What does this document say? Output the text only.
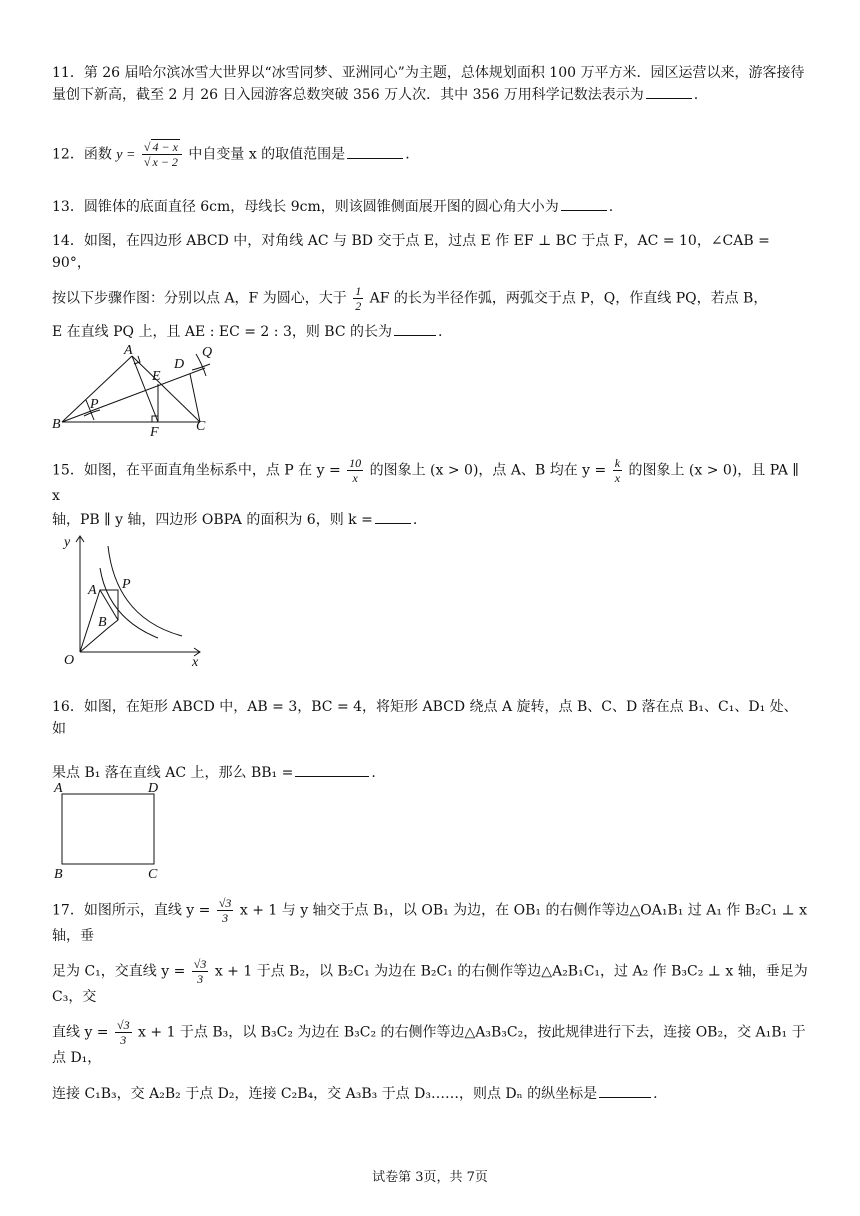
11．第 26 届哈尔滨冰雪大世界以“冰雪同梦、亚洲同心”为主题，总体规划面积 100 万平方米．园区运营以来，游客接待量创下新高，截至 2 月 26 日入园游客总数突破 356 万人次．其中 356 万用科学记数法表示为	.
12．函数 $y = \frac{√ 4 - x}{√ x - 2}$ 中自变量 x 的取值范围是	.
13．圆锥体的底面直径 6cm，母线长 9cm，则该圆锥侧面展开图的圆心角大小为	.
14．如图，在四边形 ABCD 中，对角线 AC 与 BD 交于点 E，过点 E 作 EF ⊥ BC 于点 F，AC = 10，∠CAB = 90°，
按以下步骤作图：分别以点 A，F 为圆心，大于 $\frac{1}{2}$ AF 的长为半径作弧，两弧交于点 P，Q，作直线 PQ，若点 B，
E 在直线 PQ 上，且 AE : EC = 2 : 3，则 BC 的长为	.
A
B	C
D
E
F
P
Q
15．如图，在平面直角坐标系中，点 P 在 $y = \frac{10}{x}$ 的图象上 (x > 0)，点 A、B 均在 $y = \frac{k}{x}$ 的图象上 (x > 0)，且 PA ∥ x
轴，PB ∥ y 轴，四边形 OBPA 的面积为 6，则 k =	.
y
x
O
A
B
P
16．如图，在矩形 ABCD 中，AB = 3，BC = 4，将矩形 ABCD 绕点 A 旋转，点 B、C、D 落在点 B₁、C₁、D₁ 处、如
果点 B₁ 落在直线 AC 上，那么 BB₁ =	.
A	D
B	C
17．如图所示，直线 $y = \frac{√3}{3}$ x + 1 与 y 轴交于点 B₁，以 OB₁ 为边，在 OB₁ 的右侧作等边△OA₁B₁ 过 A₁ 作 B₂C₁ ⊥ x 轴，垂
足为 C₁，交直线 $y = \frac{√3}{3}$ x + 1 于点 B₂，以 B₂C₁ 为边在 B₂C₁ 的右侧作等边△A₂B₁C₁，过 A₂ 作 B₃C₂ ⊥ x 轴，垂足为 C₃，交
直线 $y = \frac{√3}{3}$ x + 1 于点 B₃，以 B₃C₂ 为边在 B₃C₂ 的右侧作等边△A₃B₃C₂，按此规律进行下去，连接 OB₂，交 A₁B₁ 于点 D₁，
连接 C₁B₃，交 A₂B₂ 于点 D₂，连接 C₂B₄，交 A₃B₃ 于点 D₃……，则点 Dₙ 的纵坐标是	.
试卷第 3页，共 7页
